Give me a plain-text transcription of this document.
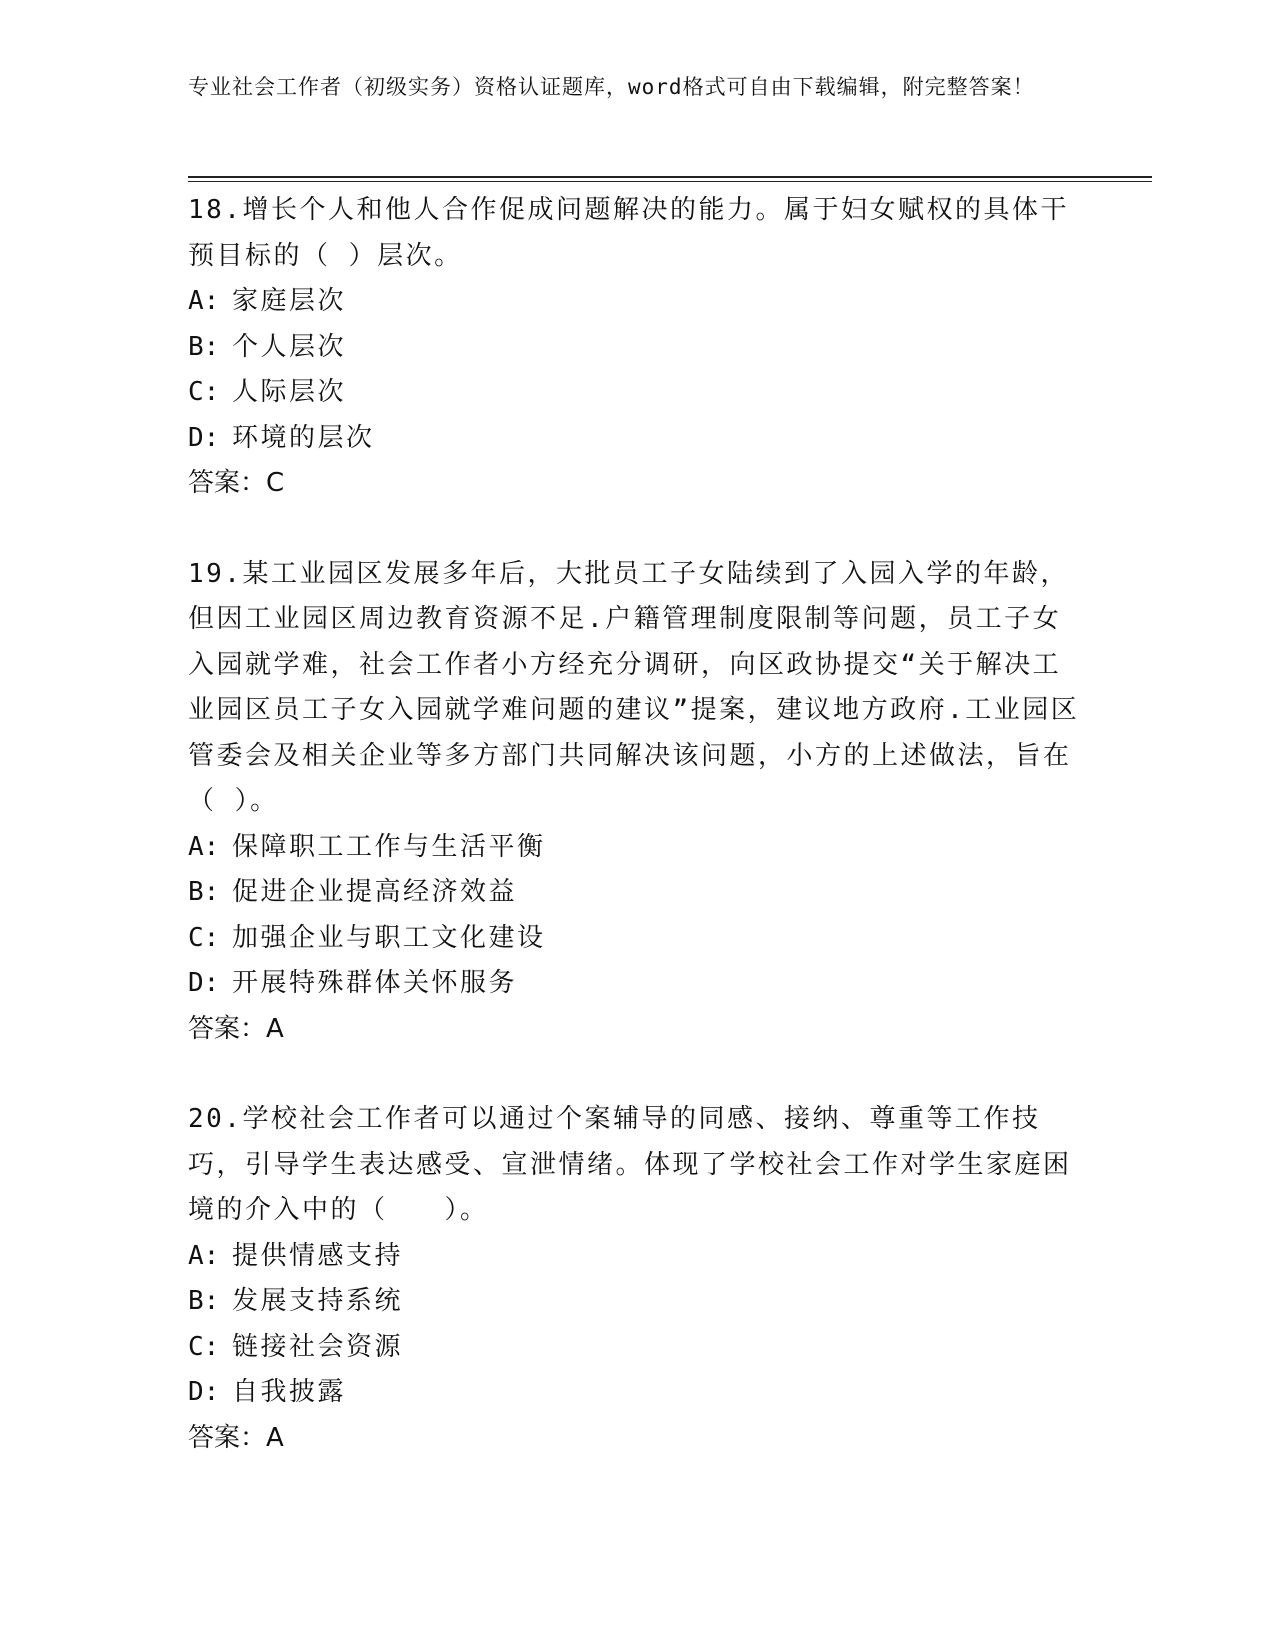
专业社会工作者（初级实务）资格认证题库，word格式可自由下载编辑，附完整答案！

18.增长个人和他人合作促成问题解决的能力。属于妇女赋权的具体干预目标的（ ）层次。

A: 家庭层次

B: 个人层次

C: 人际层次

D: 环境的层次

答案：C

19.某工业园区发展多年后，大批员工子女陆续到了入园入学的年龄，但因工业园区周边教育资源不足.户籍管理制度限制等问题，员工子女入园就学难，社会工作者小方经充分调研，向区政协提交“关于解决工业园区员工子女入园就学难问题的建议”提案，建议地方政府.工业园区管委会及相关企业等多方部门共同解决该问题，小方的上述做法，旨在（ ）。

A: 保障职工工作与生活平衡

B: 促进企业提高经济效益

C: 加强企业与职工文化建设

D: 开展特殊群体关怀服务

答案：A

20.学校社会工作者可以通过个案辅导的同感、接纳、尊重等工作技巧，引导学生表达感受、宣泄情绪。体现了学校社会工作对学生家庭困境的介入中的（　　）。

A: 提供情感支持

B: 发展支持系统

C: 链接社会资源

D: 自我披露

答案：A
